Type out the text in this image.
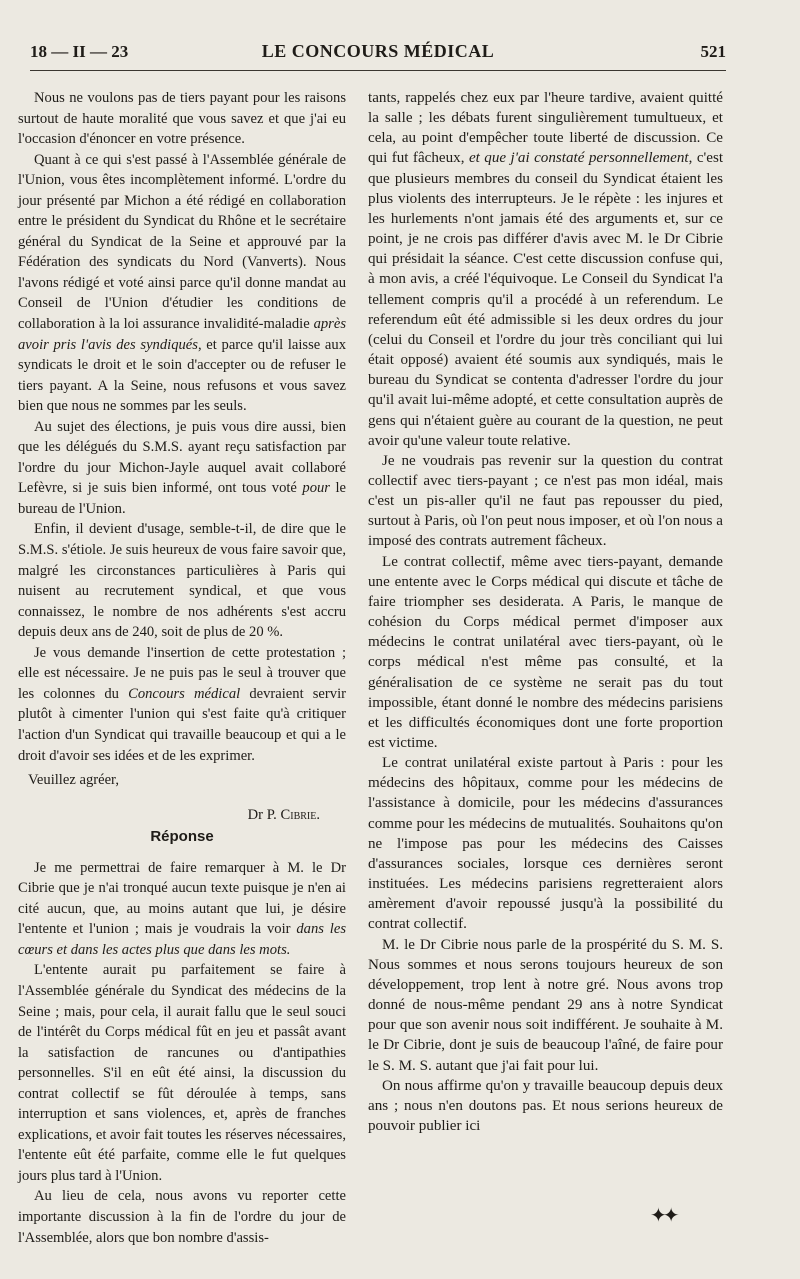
18 — II — 23	LE CONCOURS MÉDICAL	521

Nous ne voulons pas de tiers payant pour les raisons surtout de haute moralité que vous savez et que j'ai eu l'occasion d'énoncer en votre présence.

Quant à ce qui s'est passé à l'Assemblée générale de l'Union, vous êtes incomplètement informé. L'ordre du jour présenté par Michon a été rédigé en collaboration entre le président du Syndicat du Rhône et le secrétaire général du Syndicat de la Seine et approuvé par la Fédération des syndicats du Nord (Vanverts). Nous l'avons rédigé et voté ainsi parce qu'il donne mandat au Conseil de l'Union d'étudier les conditions de collaboration à la loi assurance invalidité-maladie après avoir pris l'avis des syndiqués, et parce qu'il laisse aux syndicats le droit et le soin d'accepter ou de refuser le tiers payant. A la Seine, nous refusons et vous savez bien que nous ne sommes par les seuls.

Au sujet des élections, je puis vous dire aussi, bien que les délégués du S.M.S. ayant reçu satisfaction par l'ordre du jour Michon-Jayle auquel avait collaboré Lefèvre, si je suis bien informé, ont tous voté pour le bureau de l'Union.

Enfin, il devient d'usage, semble-t-il, de dire que le S.M.S. s'étiole. Je suis heureux de vous faire savoir que, malgré les circonstances particulières à Paris qui nuisent au recrutement syndical, et que vous connaissez, le nombre de nos adhérents s'est accru depuis deux ans de 240, soit de plus de 20 %.

Je vous demande l'insertion de cette protestation ; elle est nécessaire. Je ne puis pas le seul à trouver que les colonnes du Concours médical devraient servir plutôt à cimenter l'union qui s'est faite qu'à critiquer l'action d'un Syndicat qui travaille beaucoup et qui a le droit d'avoir ses idées et de les exprimer.

Veuillez agréer,

Dr P. Cibrie.

Réponse

Je me permettrai de faire remarquer à M. le Dr Cibrie que je n'ai tronqué aucun texte puisque je n'en ai cité aucun, que, au moins autant que lui, je désire l'entente et l'union ; mais je voudrais la voir dans les cœurs et dans les actes plus que dans les mots.

L'entente aurait pu parfaitement se faire à l'Assemblée générale du Syndicat des médecins de la Seine ; mais, pour cela, il aurait fallu que le seul souci de l'intérêt du Corps médical fût en jeu et passât avant la satisfaction de rancunes ou d'antipathies personnelles. S'il en eût été ainsi, la discussion du contrat collectif se fût déroulée à temps, sans interruption et sans violences, et, après de franches explications, et avoir fait toutes les réserves nécessaires, l'entente eût été parfaite, comme elle le fut quelques jours plus tard à l'Union.

Au lieu de cela, nous avons vu reporter cette importante discussion à la fin de l'ordre du jour de l'Assemblée, alors que bon nombre d'assis-

tants, rappelés chez eux par l'heure tardive, avaient quitté la salle ; les débats furent singulièrement tumultueux, et cela, au point d'empêcher toute liberté de discussion. Ce qui fut fâcheux, et que j'ai constaté personnellement, c'est que plusieurs membres du conseil du Syndicat étaient les plus violents des interrupteurs. Je le répète : les injures et les hurlements n'ont jamais été des arguments et, sur ce point, je ne crois pas différer d'avis avec M. le Dr Cibrie qui présidait la séance. C'est cette discussion confuse qui, à mon avis, a créé l'équivoque. Le Conseil du Syndicat l'a tellement compris qu'il a procédé à un referendum. Le referendum eût été admissible si les deux ordres du jour (celui du Conseil et l'ordre du jour très conciliant qui lui était opposé) avaient été soumis aux syndiqués, mais le bureau du Syndicat se contenta d'adresser l'ordre du jour qu'il avait lui-même adopté, et cette consultation auprès de gens qui n'étaient guère au courant de la question, ne peut avoir qu'une valeur toute relative.

Je ne voudrais pas revenir sur la question du contrat collectif avec tiers-payant ; ce n'est pas mon idéal, mais c'est un pis-aller qu'il ne faut pas repousser du pied, surtout à Paris, où l'on peut nous imposer, et où l'on nous a imposé des contrats autrement fâcheux.

Le contrat collectif, même avec tiers-payant, demande une entente avec le Corps médical qui discute et tâche de faire triompher ses desiderata. A Paris, le manque de cohésion du Corps médical permet d'imposer aux médecins le contrat unilatéral avec tiers-payant, où le corps médical n'est même pas consulté, et la généralisation de ce système ne serait pas du tout impossible, étant donné le nombre des médecins parisiens et les difficultés économiques dont une forte proportion est victime.

Le contrat unilatéral existe partout à Paris : pour les médecins des hôpitaux, comme pour les médecins de l'assistance à domicile, pour les médecins d'assurances comme pour les médecins de mutualités. Souhaitons qu'on ne l'impose pas pour les médecins des Caisses d'assurances sociales, lorsque ces dernières seront instituées. Les médecins parisiens regretteraient alors amèrement d'avoir repoussé jusqu'à la possibilité du contrat collectif.

M. le Dr Cibrie nous parle de la prospérité du S. M. S. Nous sommes et nous serons toujours heureux de son développement, trop lent à notre gré. Nous avons trop donné de nous-même pendant 29 ans à notre Syndicat pour que son avenir nous soit indifférent. Je souhaite à M. le Dr Cibrie, dont je suis de beaucoup l'aîné, de faire pour le S. M. S. autant que j'ai fait pour lui.

On nous affirme qu'on y travaille beaucoup depuis deux ans ; nous n'en doutons pas. Et nous serions heureux de pouvoir publier ici

✦✦
